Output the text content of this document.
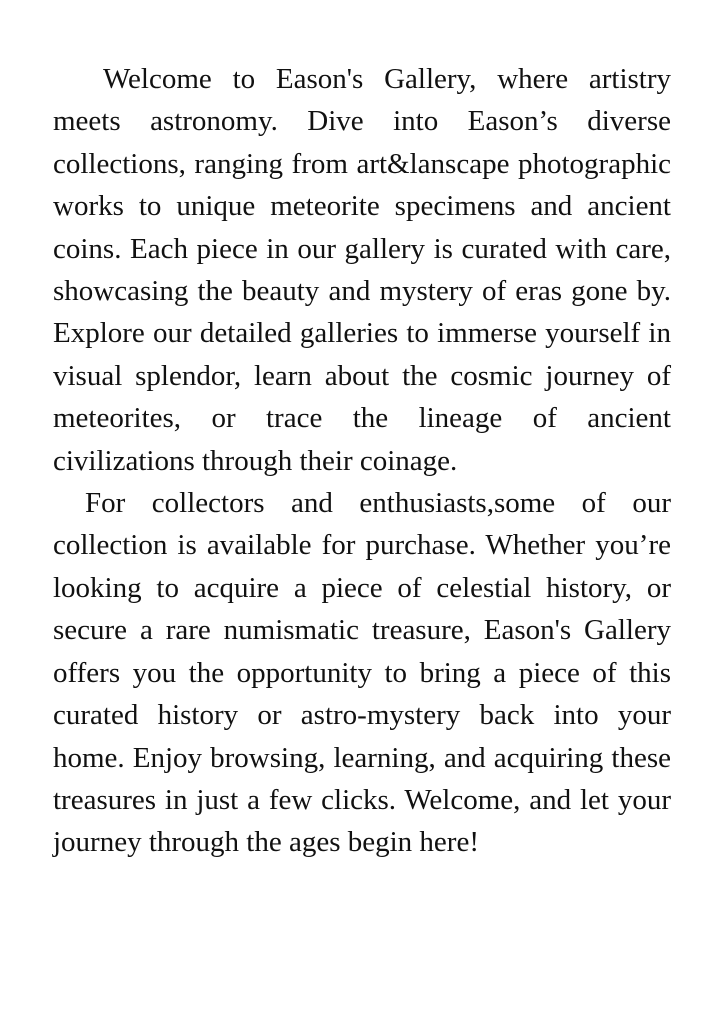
Welcome to Eason's Gallery, where artistry meets astronomy. Dive into Eason’s diverse collections, ranging from art&lanscape photographic works to unique meteorite specimens and ancient coins. Each piece in our gallery is curated with care, showcasing the beauty and mystery of eras gone by. Explore our detailed galleries to immerse yourself in visual splendor, learn about the cosmic journey of meteorites, or trace the lineage of ancient civilizations through their coinage.

For collectors and enthusiasts,some of our collection is available for purchase. Whether you’re looking to acquire a piece of celestial history, or secure a rare numismatic treasure, Eason's Gallery offers you the opportunity to bring a piece of this curated history or astro-mystery back into your home. Enjoy browsing, learning, and acquiring these treasures in just a few clicks. Welcome, and let your journey through the ages begin here!
